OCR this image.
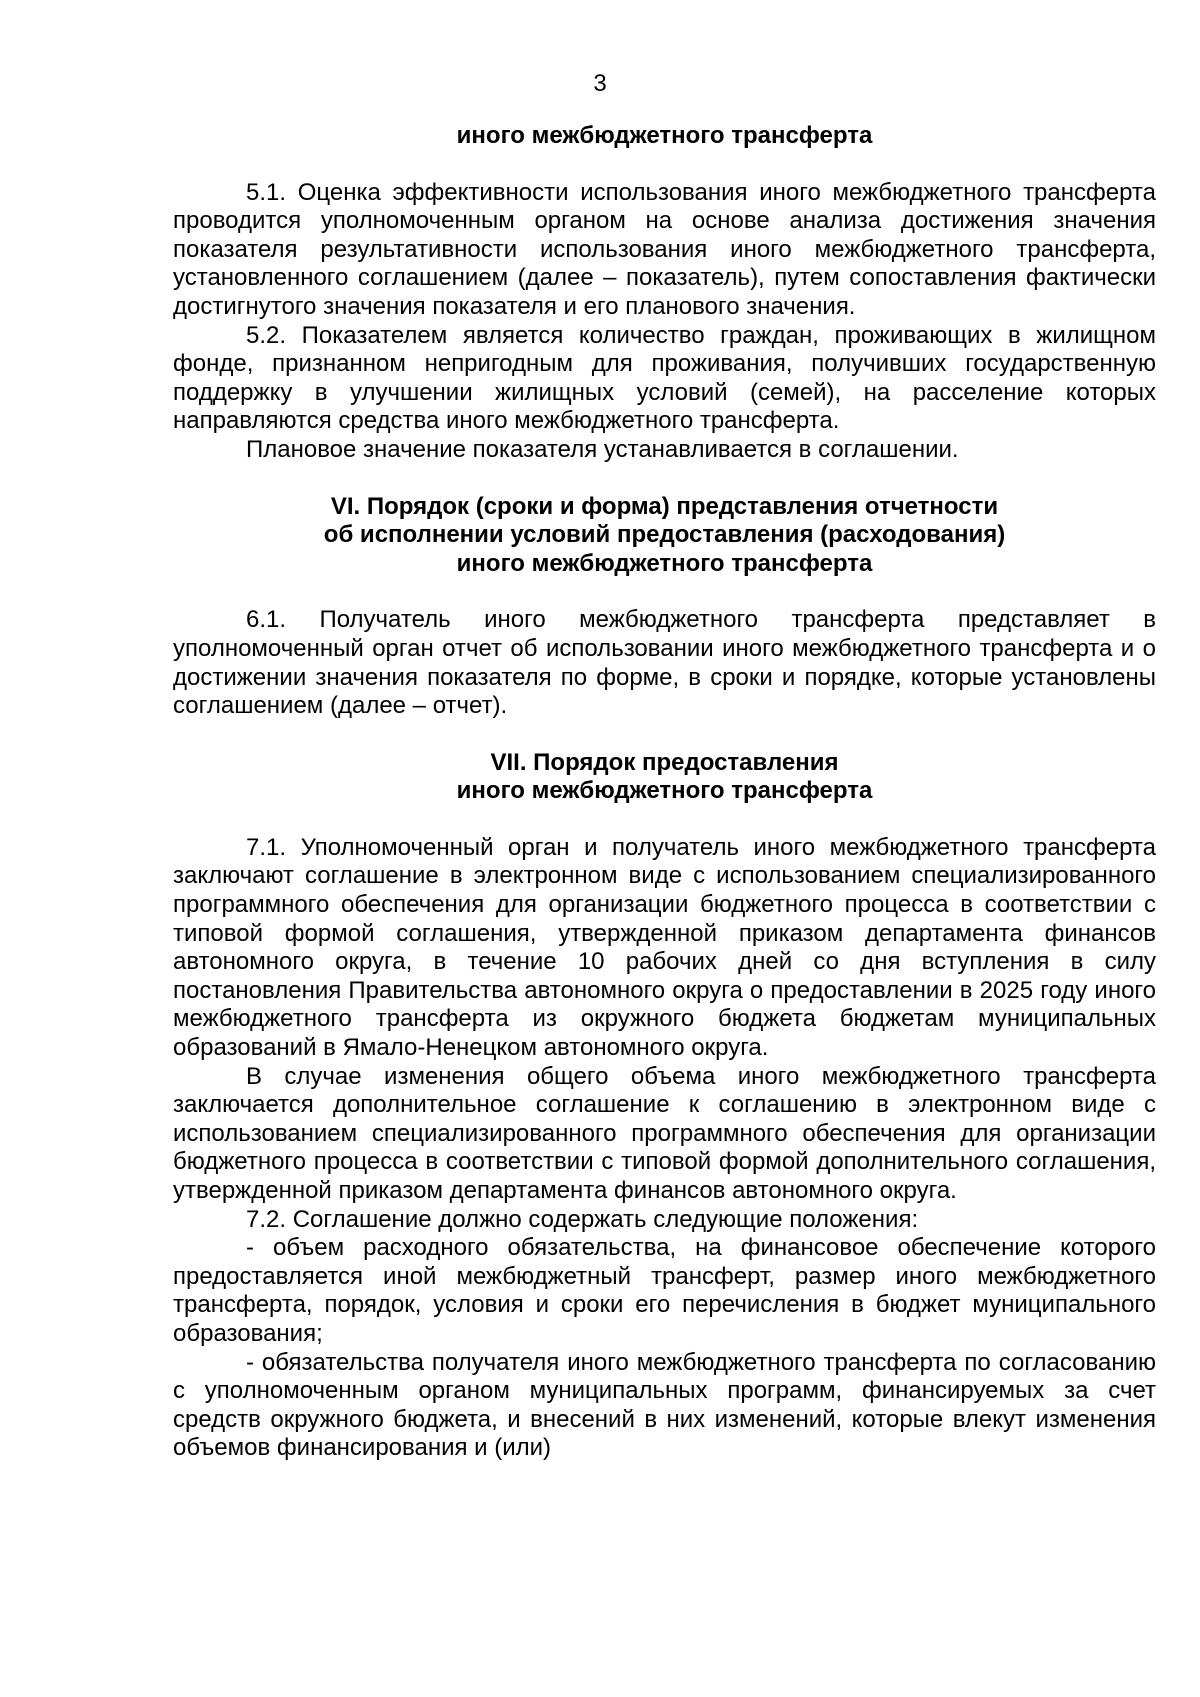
3
иного межбюджетного трансферта

5.1. Оценка эффективности использования иного межбюджетного трансферта проводится уполномоченным органом на основе анализа достижения значения показателя результативности использования иного межбюджетного трансферта, установленного соглашением (далее – показатель), путем сопоставления фактически достигнутого значения показателя и его планового значения.

5.2. Показателем является количество граждан, проживающих в жилищном фонде, признанном непригодным для проживания, получивших государственную поддержку в улучшении жилищных условий (семей), на расселение которых направляются средства иного межбюджетного трансферта.

Плановое значение показателя устанавливается в соглашении.

VI. Порядок (сроки и форма) представления отчетности
об исполнении условий предоставления (расходования)
иного межбюджетного трансферта

6.1. Получатель иного межбюджетного трансферта представляет в уполномоченный орган отчет об использовании иного межбюджетного трансферта и о достижении значения показателя по форме, в сроки и порядке, которые установлены соглашением (далее – отчет).

VII. Порядок предоставления
иного межбюджетного трансферта

7.1. Уполномоченный орган и получатель иного межбюджетного трансферта заключают соглашение в электронном виде с использованием специализированного программного обеспечения для организации бюджетного процесса в соответствии с типовой формой соглашения, утвержденной приказом департамента финансов автономного округа, в течение 10 рабочих дней со дня вступления в силу постановления Правительства автономного округа о предоставлении в 2025 году иного межбюджетного трансферта из окружного бюджета бюджетам муниципальных образований в Ямало-Ненецком автономного округа.

В случае изменения общего объема иного межбюджетного трансферта заключается дополнительное соглашение к соглашению в электронном виде с использованием специализированного программного обеспечения для организации бюджетного процесса в соответствии с типовой формой дополнительного соглашения, утвержденной приказом департамента финансов автономного округа.

7.2. Соглашение должно содержать следующие положения:

- объем расходного обязательства, на финансовое обеспечение которого предоставляется иной межбюджетный трансферт, размер иного межбюджетного трансферта, порядок, условия и сроки его перечисления в бюджет муниципального образования;

- обязательства получателя иного межбюджетного трансферта по согласованию с уполномоченным органом муниципальных программ, финансируемых за счет средств окружного бюджета, и внесений в них изменений, которые влекут изменения объемов финансирования и (или)
